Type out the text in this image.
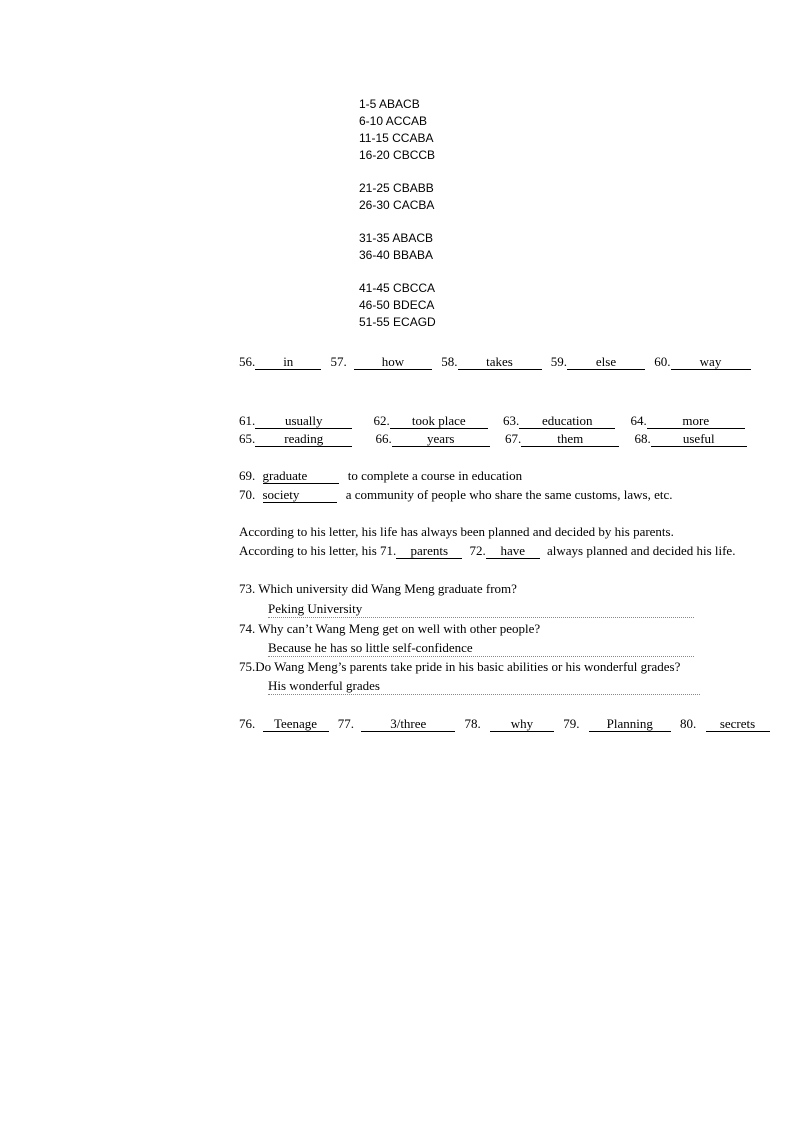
1-5 ABACB
6-10 ACCAB
11-15 CCABA
16-20 CBCCB
21-25 CBABB
26-30 CACBA
31-35 ABACB
36-40 BBABA
41-45 CBCCA
46-50 BDECA
51-55 ECAGD
56. in	57.	how	58. takes	59. else	60. way
61. usually	62. took place	63. education	64.	more
65. reading	66.	years	67.	them	68. useful
69. graduate	to complete a course in education
70. society	a community of people who share the same customs, laws, etc.
According to his letter, his life has always been planned and decided by his parents.
According to his letter, his 71. parents 72. have always planned and decided his life.
73. Which university did Wang Meng graduate from?
Peking University
74. Why can’t Wang Meng get on well with other people?
Because he has so little self-confidence
75.Do Wang Meng’s parents take pride in his basic abilities or his wonderful grades?
His wonderful grades
76. Teenage 77.	3/three	78. why 79. Planning 80. secrets
